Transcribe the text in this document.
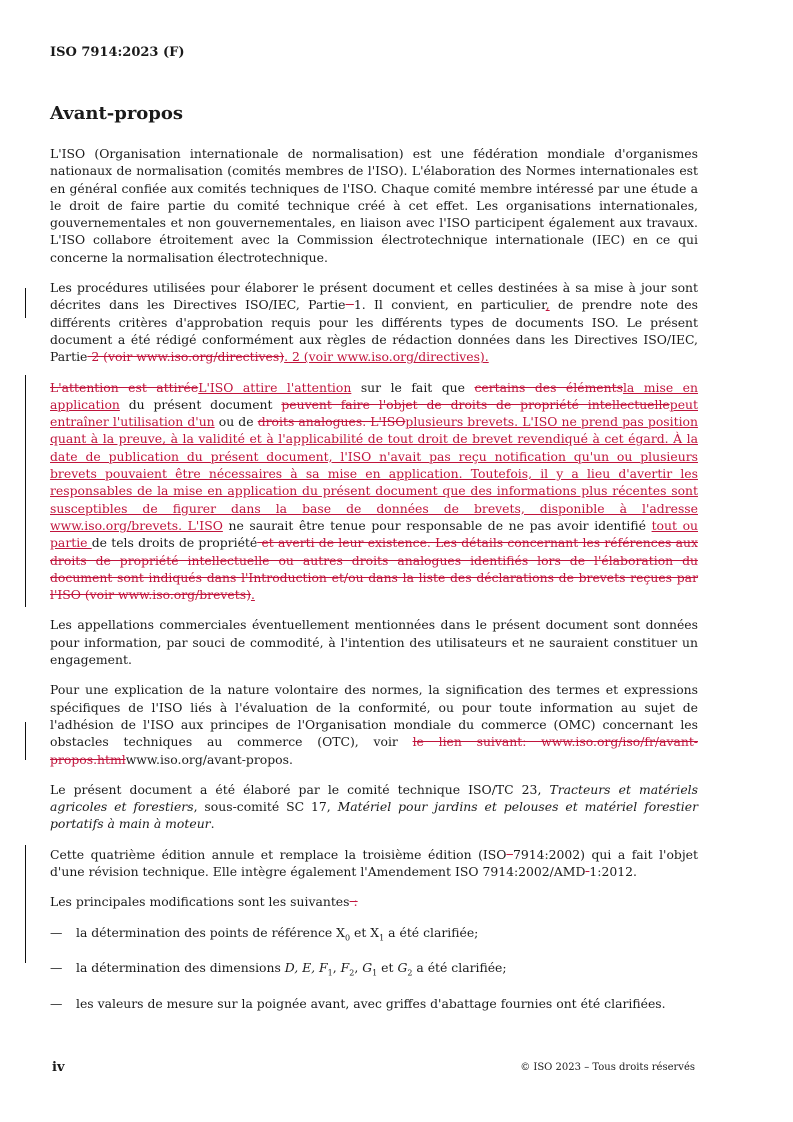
ISO 7914:2023 (F)
Avant-propos

L'ISO (Organisation internationale de normalisation) est une fédération mondiale d'organismes nationaux de normalisation (comités membres de l'ISO). L'élaboration des Normes internationales est en général confiée aux comités techniques de l'ISO. Chaque comité membre intéressé par une étude a le droit de faire partie du comité technique créé à cet effet. Les organisations internationales, gouvernementales et non gouvernementales, en liaison avec l'ISO participent également aux travaux. L'ISO collabore étroitement avec la Commission électrotechnique internationale (IEC) en ce qui concerne la normalisation électrotechnique.

Les procédures utilisées pour élaborer le présent document et celles destinées à sa mise à jour sont décrites dans les Directives ISO/IEC, Partie 1. Il convient, en particulier, de prendre note des différents critères d'approbation requis pour les différents types de documents ISO. Le présent document a été rédigé conformément aux règles de rédaction données dans les Directives ISO/IEC, Partie 2 (voir www.iso.org/directives). 2 (voir www.iso.org/directives).

L'attention est attiréeL'ISO attire l'attention sur le fait que certains des élémentsla mise en application du présent document peuvent faire l'objet de droits de propriété intellectuellepeut entraîner l'utilisation d'un ou de droits analogues. L'ISOplusieurs brevets. L'ISO ne prend pas position quant à la preuve, à la validité et à l'applicabilité de tout droit de brevet revendiqué à cet égard. À la date de publication du présent document, l'ISO n'avait pas reçu notification qu'un ou plusieurs brevets pouvaient être nécessaires à sa mise en application. Toutefois, il y a lieu d'avertir les responsables de la mise en application du présent document que des informations plus récentes sont susceptibles de figurer dans la base de données de brevets, disponible à l'adresse www.iso.org/brevets. L'ISO ne saurait être tenue pour responsable de ne pas avoir identifié tout ou partie de tels droits de propriété et averti de leur existence. Les détails concernant les références aux droits de propriété intellectuelle ou autres droits analogues identifiés lors de l'élaboration du document sont indiqués dans l'Introduction et/ou dans la liste des déclarations de brevets reçues par l'ISO (voir www.iso.org/brevets).

Les appellations commerciales éventuellement mentionnées dans le présent document sont données pour information, par souci de commodité, à l'intention des utilisateurs et ne sauraient constituer un engagement.

Pour une explication de la nature volontaire des normes, la signification des termes et expressions spécifiques de l'ISO liés à l'évaluation de la conformité, ou pour toute information au sujet de l'adhésion de l'ISO aux principes de l'Organisation mondiale du commerce (OMC) concernant les obstacles techniques au commerce (OTC), voir le lien suivant: www.iso.org/iso/fr/avant-propos.htmlwww.iso.org/avant-propos.

Le présent document a été élaboré par le comité technique ISO/TC 23, Tracteurs et matériels agricoles et forestiers, sous-comité SC 17, Matériel pour jardins et pelouses et matériel forestier portatifs à main à moteur.

Cette quatrième édition annule et remplace la troisième édition (ISO 7914:2002) qui a fait l'objet d'une révision technique. Elle intègre également l'Amendement ISO 7914:2002/AMD 1:2012.

Les principales modifications sont les suivantes :

— la détermination des points de référence $X_0$ et $X_1$ a été clarifiée;

— la détermination des dimensions D, E, $F_1$, $F_2$, $G_1$ et $G_2$ a été clarifiée;

— les valeurs de mesure sur la poignée avant, avec griffes d'abattage fournies ont été clarifiées.

iv	© ISO 2023 – Tous droits réservés
